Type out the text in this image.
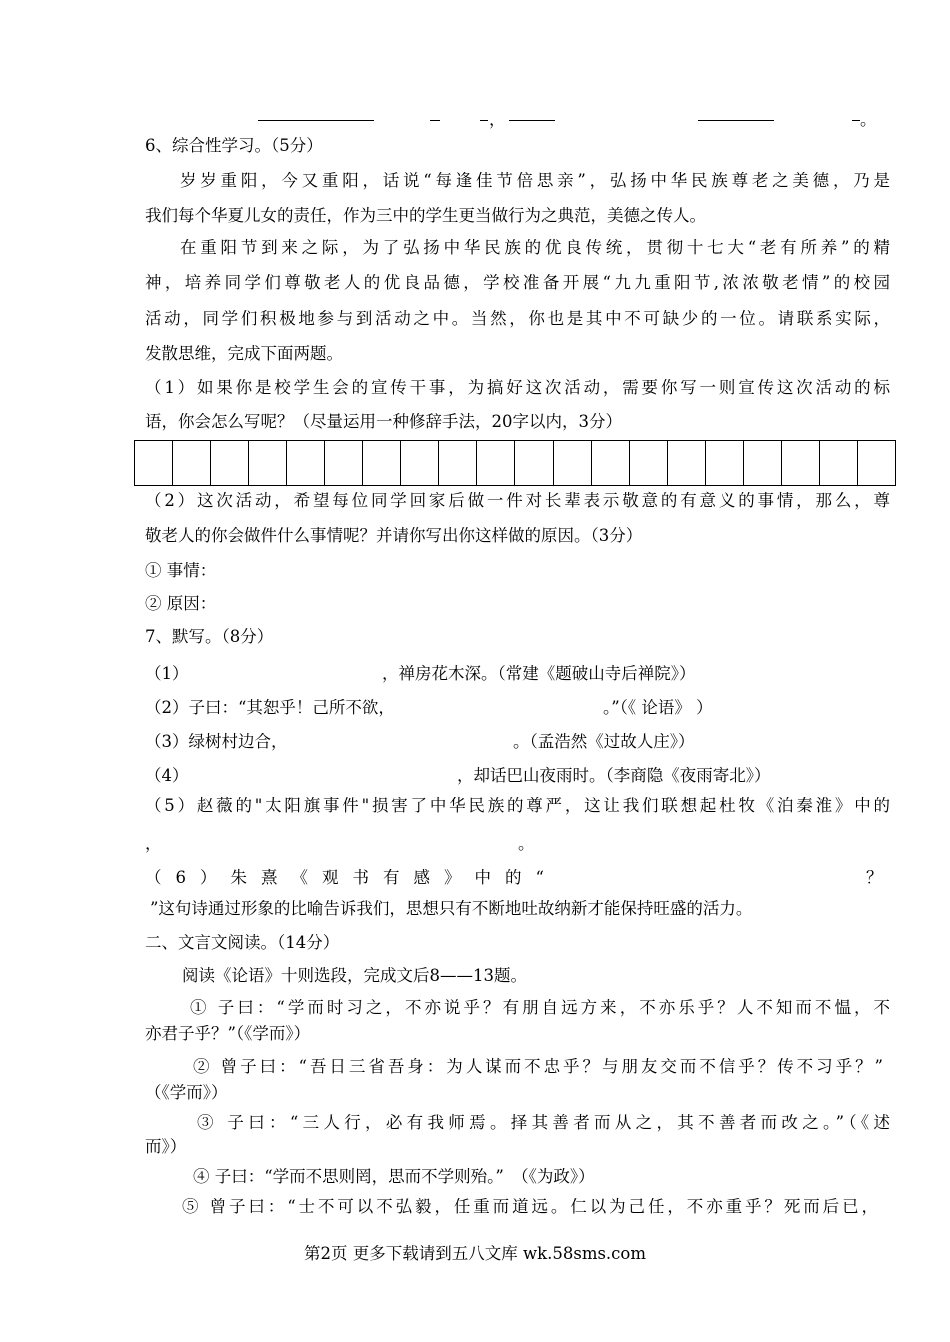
，	。
6、综合性学习。（5分）
岁岁重阳，今又重阳，话说“每逢佳节倍思亲”，弘扬中华民族尊老之美德，乃是
我们每个华夏儿女的责任，作为三中的学生更当做行为之典范，美德之传人。
在重阳节到来之际，为了弘扬中华民族的优良传统，贯彻十七大“老有所养”的精
神，培养同学们尊敬老人的优良品德，学校准备开展“九九重阳节,浓浓敬老情”的校园
活动，同学们积极地参与到活动之中。当然，你也是其中不可缺少的一位。请联系实际，
发散思维，完成下面两题。
（1）如果你是校学生会的宣传干事，为搞好这次活动，需要你写一则宣传这次活动的标
语，你会怎么写呢？（尽量运用一种修辞手法，20字以内，3分）
（2）这次活动，希望每位同学回家后做一件对长辈表示敬意的有意义的事情，那么，尊
敬老人的你会做件什么事情呢？并请你写出你这样做的原因。（3分）
① 事情：
② 原因：
7、默写。（8分）
（1）	，禅房花木深。（常建《题破山寺后禅院》）
（2）子曰：“其恕乎！己所不欲，	。”（《 论语》 ）
（3）绿树村边合，	。（孟浩然《过故人庄》）
（4）	，却话巴山夜雨时。（李商隐《夜雨寄北》）
（5）赵薇的"太阳旗事件"损害了中华民族的尊严，这让我们联想起杜牧《泊秦淮》中的
，	。
（6）朱熹《观书有感》中的“	？
”这句诗通过形象的比喻告诉我们，思想只有不断地吐故纳新才能保持旺盛的活力。
二、文言文阅读。（14分）
阅读《论语》十则选段，完成文后8——13题。
① 子曰：“学而时习之，不亦说乎？有朋自远方来，不亦乐乎？人不知而不愠，不
亦君子乎？”（《学而》）
② 曾子曰：“吾日三省吾身：为人谋而不忠乎？与朋友交而不信乎？传不习乎？”
（《学而》）
③ 子曰：“三人行，必有我师焉。择其善者而从之，其不善者而改之。”（《述
而》）
④ 子曰：“学而不思则罔，思而不学则殆。”　（《为政》）
⑤ 曾子曰：“士不可以不弘毅，任重而道远。仁以为己任，不亦重乎？死而后已，
第2页 更多下载请到五八文库 wk.58sms.com
